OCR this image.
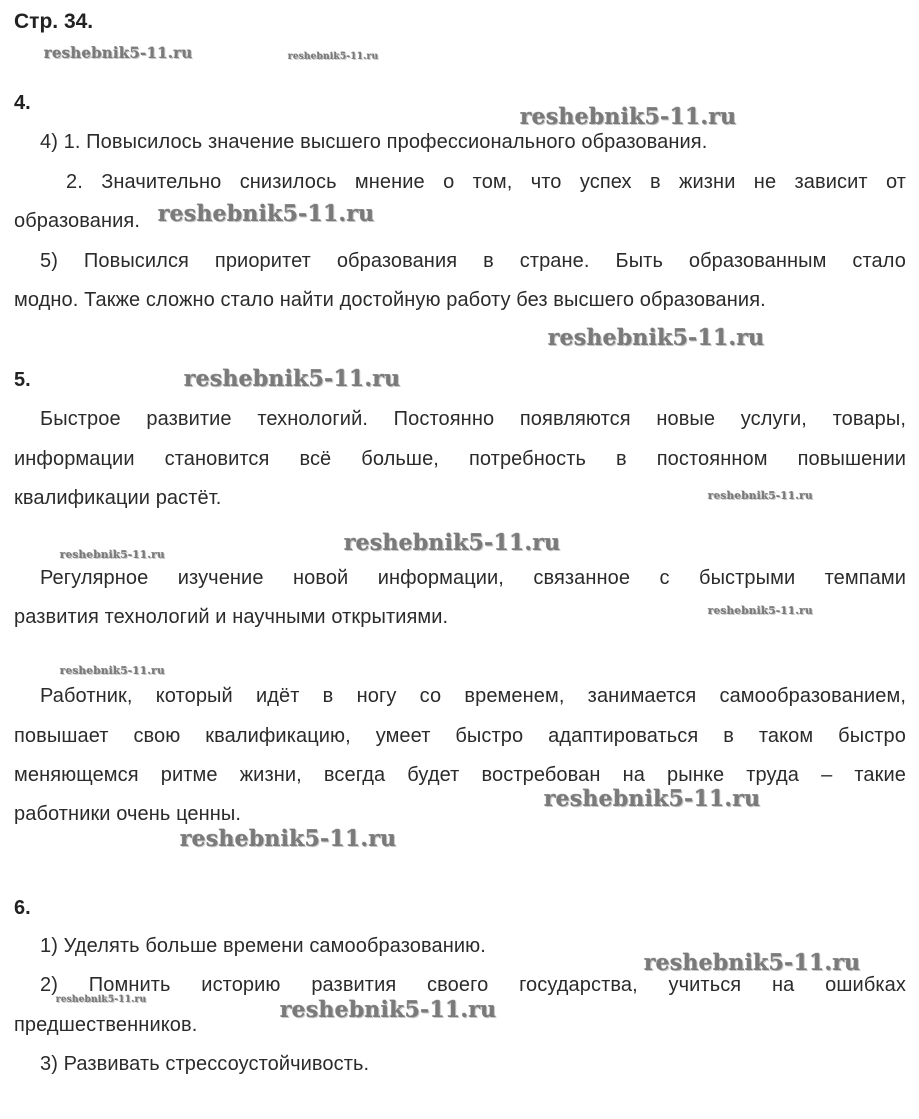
Стр. 34.
4.
4) 1. Повысилось значение высшего профессионального образования.
2. Значительно снизилось мнение о том, что успех в жизни не зависит от
образования.
5) Повысился приоритет образования в стране. Быть образованным стало
модно. Также сложно стало найти достойную работу без высшего образования.
5.
Быстрое развитие технологий. Постоянно появляются новые услуги, товары,
информации становится всё больше, потребность в постоянном повышении
квалификации растёт.
Регулярное изучение новой информации, связанное с быстрыми темпами
развития технологий и научными открытиями.
Работник, который идёт в ногу со временем, занимается самообразованием,
повышает свою квалификацию, умеет быстро адаптироваться в таком быстро
меняющемся ритме жизни, всегда будет востребован на рынке труда – такие
работники очень ценны.
6.
1) Уделять больше времени самообразованию.
2) Помнить историю развития своего государства, учиться на ошибках
предшественников.
3) Развивать стрессоустойчивость.
reshebnik5-11.ru	reshebnik5-11.ru
reshebnik5-11.ru
reshebnik5-11.ru
reshebnik5-11.ru
reshebnik5-11.ru
reshebnik5-11.ru
reshebnik5-11.ru
reshebnik5-11.ru
reshebnik5-11.ru
reshebnik5-11.ru
reshebnik5-11.ru
reshebnik5-11.ru
reshebnik5-11.ru
reshebnik5-11.ru	reshebnik5-11.ru
